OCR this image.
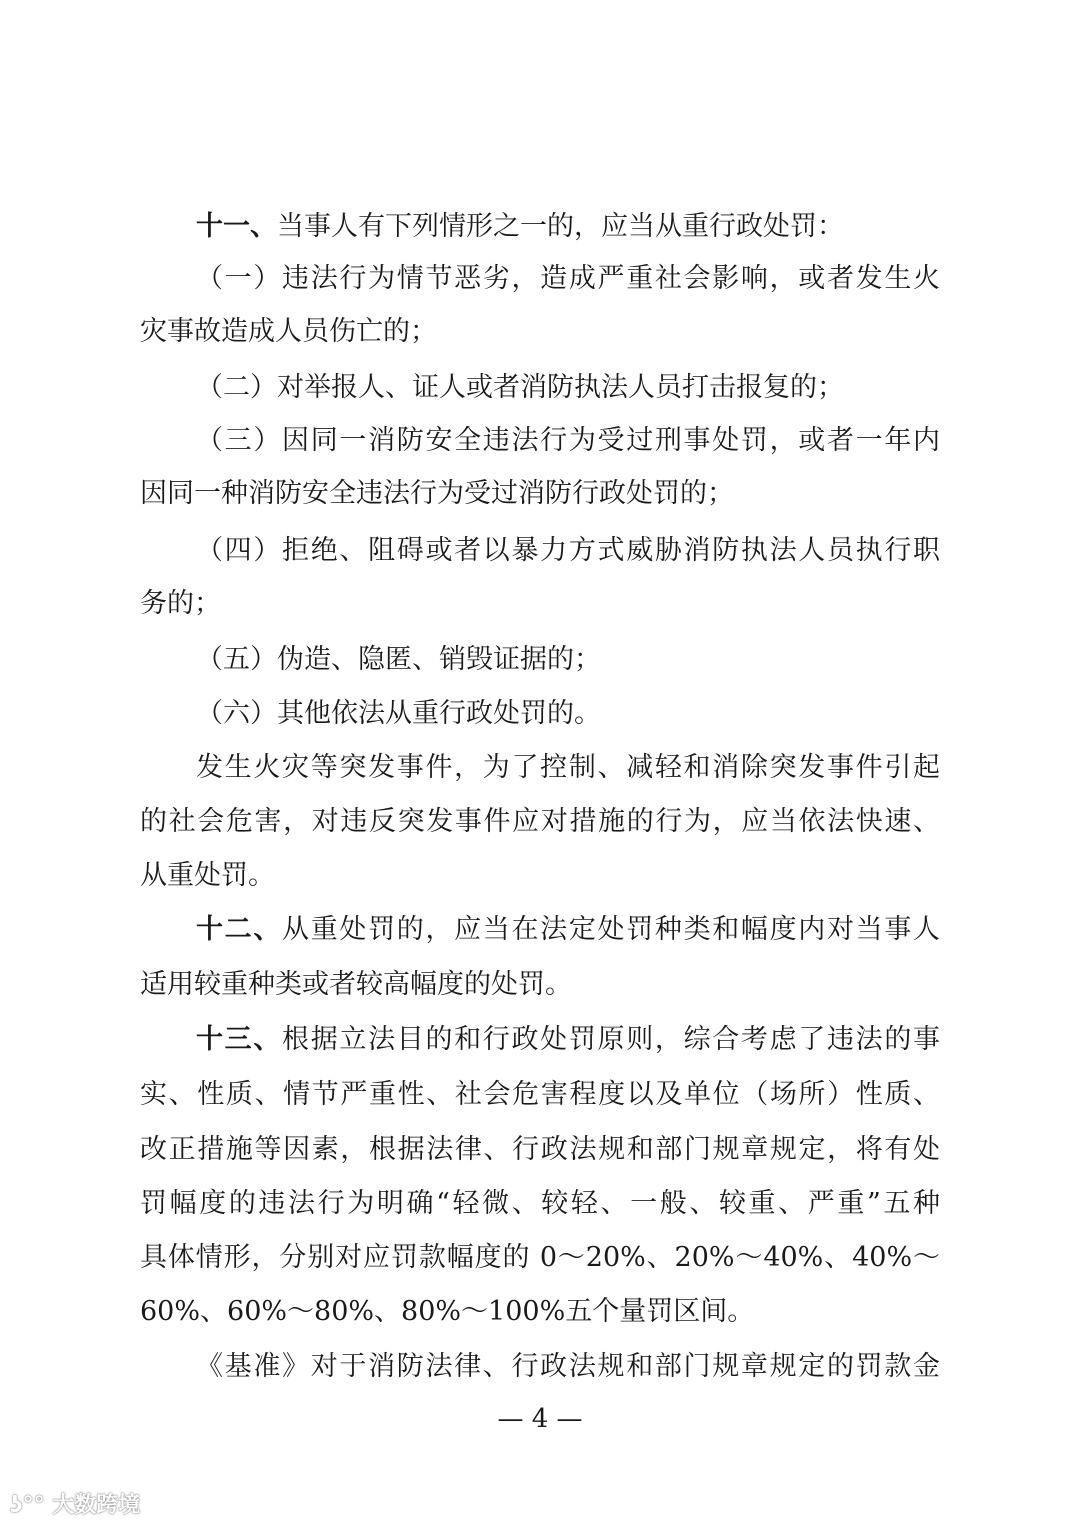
十一、当事人有下列情形之一的，应当从重行政处罚：
（一）违法行为情节恶劣，造成严重社会影响，或者发生火
灾事故造成人员伤亡的；
（二）对举报人、证人或者消防执法人员打击报复的；
（三）因同一消防安全违法行为受过刑事处罚，或者一年内
因同一种消防安全违法行为受过消防行政处罚的；
（四）拒绝、阻碍或者以暴力方式威胁消防执法人员执行职
务的；
（五）伪造、隐匿、销毁证据的；
（六）其他依法从重行政处罚的。
发生火灾等突发事件，为了控制、减轻和消除突发事件引起
的社会危害，对违反突发事件应对措施的行为，应当依法快速、
从重处罚。
十二、从重处罚的，应当在法定处罚种类和幅度内对当事人
适用较重种类或者较高幅度的处罚。
十三、根据立法目的和行政处罚原则，综合考虑了违法的事
实、性质、情节严重性、社会危害程度以及单位（场所）性质、
改正措施等因素，根据法律、行政法规和部门规章规定，将有处
罚幅度的违法行为明确“轻微、较轻、一般、较重、严重”五种
具体情形，分别对应罚款幅度的 0～20%、20%～40%、40%～
60%、60%～80%、80%～100%五个量罚区间。
《基准》对于消防法律、行政法规和部门规章规定的罚款金
— 4 —
ʖ°° 大数跨境
